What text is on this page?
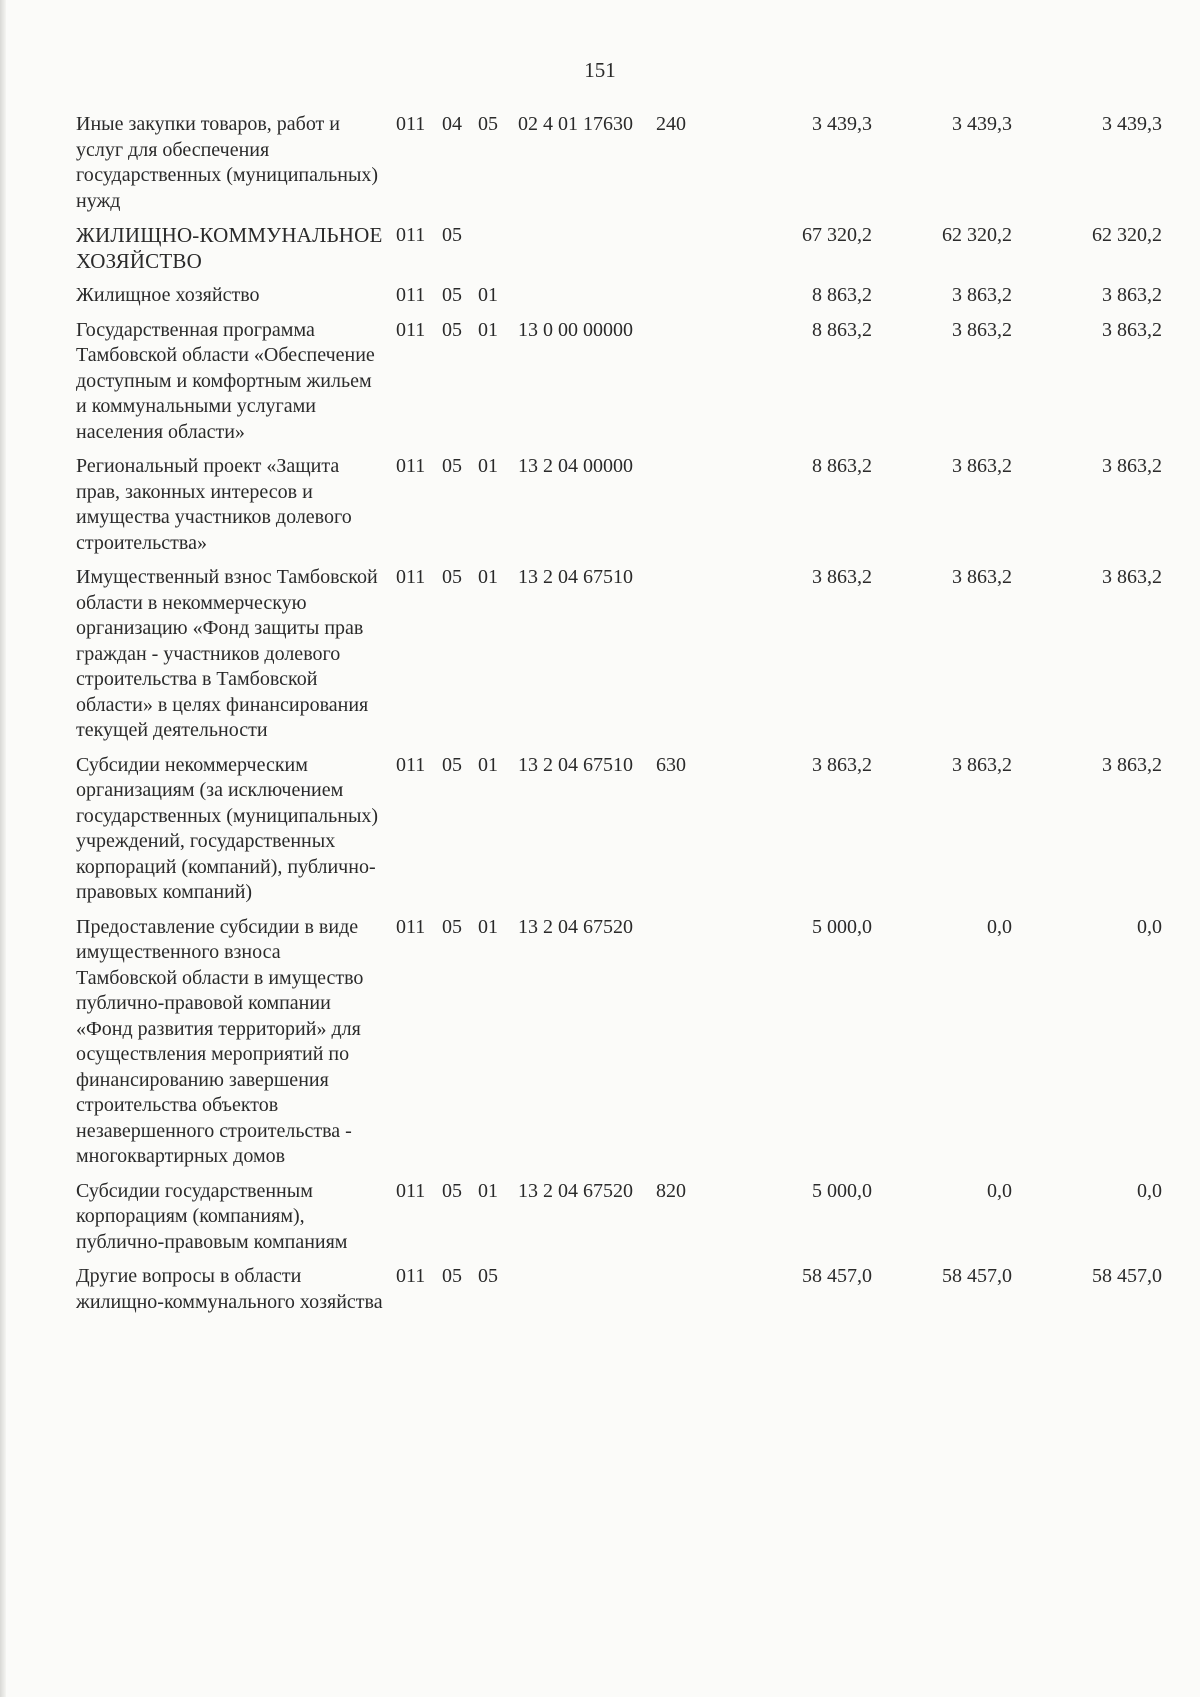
151
Иные закупки товаров, работ и услуг для обеспечения государственных (муниципальных) нужд	011	04	05	02 4 01 17630	240	3 439,3	3 439,3	3 439,3
ЖИЛИЩНО-КОММУНАЛЬНОЕ ХОЗЯЙСТВО	011	05				67 320,2	62 320,2	62 320,2
Жилищное хозяйство	011	05	01			8 863,2	3 863,2	3 863,2
Государственная программа Тамбовской области «Обеспечение доступным и комфортным жильем и коммунальными услугами населения области»	011	05	01	13 0 00 00000		8 863,2	3 863,2	3 863,2
Региональный проект «Защита прав, законных интересов и имущества участников долевого строительства»	011	05	01	13 2 04 00000		8 863,2	3 863,2	3 863,2
Имущественный взнос Тамбовской области в некоммерческую организацию «Фонд защиты прав граждан - участников долевого строительства в Тамбовской области» в целях финансирования текущей деятельности	011	05	01	13 2 04 67510		3 863,2	3 863,2	3 863,2
Субсидии некоммерческим организациям (за исключением государственных (муниципальных) учреждений, государственных корпораций (компаний), публично-правовых компаний)	011	05	01	13 2 04 67510	630	3 863,2	3 863,2	3 863,2
Предоставление субсидии в виде имущественного взноса Тамбовской области в имущество публично-правовой компании «Фонд развития территорий» для осуществления мероприятий по финансированию завершения строительства объектов незавершенного строительства - многоквартирных домов	011	05	01	13 2 04 67520		5 000,0	0,0	0,0
Субсидии государственным корпорациям (компаниям), публично-правовым компаниям	011	05	01	13 2 04 67520	820	5 000,0	0,0	0,0
Другие вопросы в области жилищно-коммунального хозяйства	011	05	05			58 457,0	58 457,0	58 457,0
